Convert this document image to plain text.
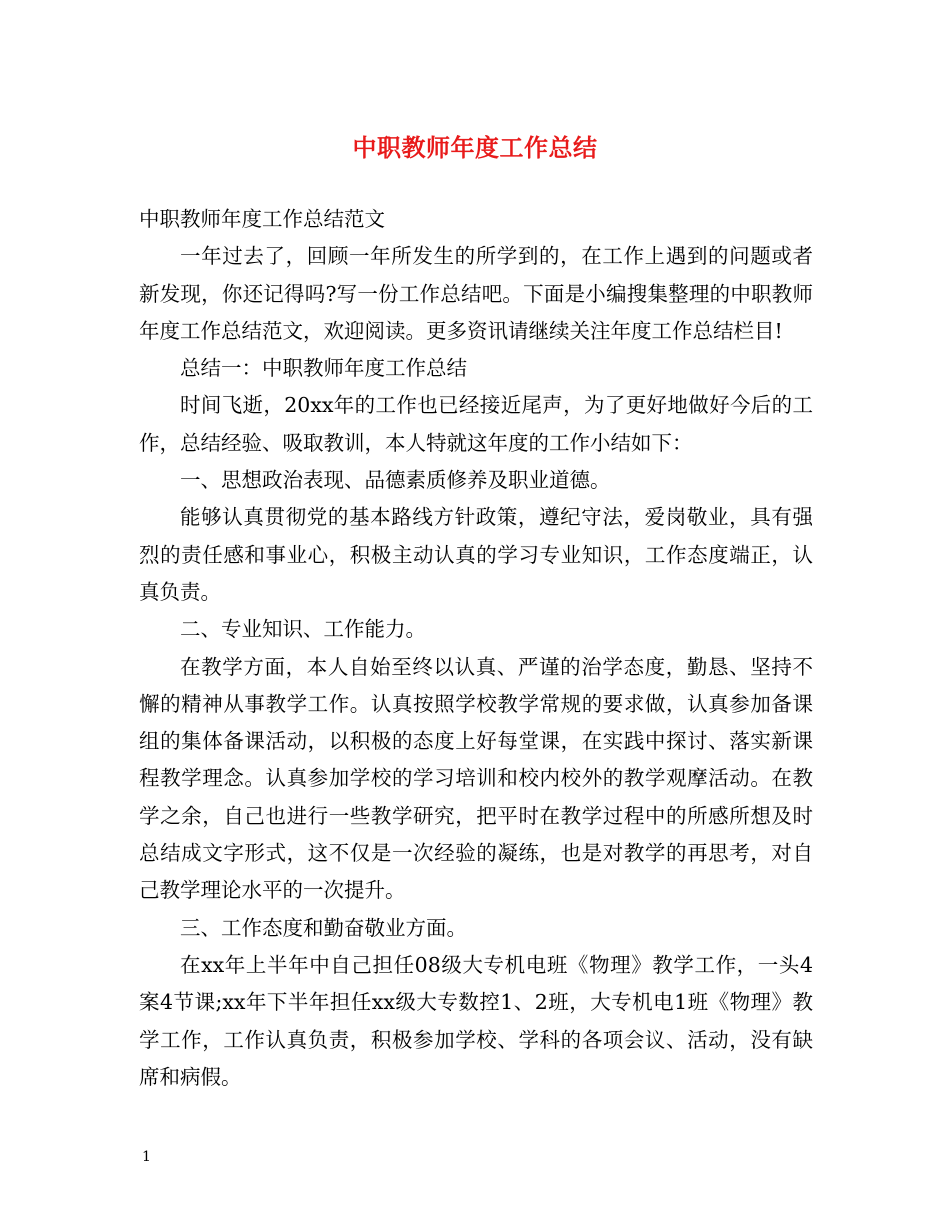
中职教师年度工作总结

中职教师年度工作总结范文

一年过去了，回顾一年所发生的所学到的，在工作上遇到的问题或者新发现，你还记得吗?写一份工作总结吧。下面是小编搜集整理的中职教师年度工作总结范文，欢迎阅读。更多资讯请继续关注年度工作总结栏目!

总结一：中职教师年度工作总结

时间飞逝，20xx年的工作也已经接近尾声，为了更好地做好今后的工作，总结经验、吸取教训，本人特就这年度的工作小结如下：

一、思想政治表现、品德素质修养及职业道德。

能够认真贯彻党的基本路线方针政策，遵纪守法，爱岗敬业，具有强烈的责任感和事业心，积极主动认真的学习专业知识，工作态度端正，认真负责。

二、专业知识、工作能力。

在教学方面，本人自始至终以认真、严谨的治学态度，勤恳、坚持不懈的精神从事教学工作。认真按照学校教学常规的要求做，认真参加备课组的集体备课活动，以积极的态度上好每堂课，在实践中探讨、落实新课程教学理念。认真参加学校的学习培训和校内校外的教学观摩活动。在教学之余，自己也进行一些教学研究，把平时在教学过程中的所感所想及时总结成文字形式，这不仅是一次经验的凝练，也是对教学的再思考，对自己教学理论水平的一次提升。

三、工作态度和勤奋敬业方面。

在xx年上半年中自己担任08级大专机电班《物理》教学工作，一头4案4节课;xx年下半年担任xx级大专数控1、2班，大专机电1班《物理》教学工作，工作认真负责，积极参加学校、学科的各项会议、活动，没有缺席和病假。

1
